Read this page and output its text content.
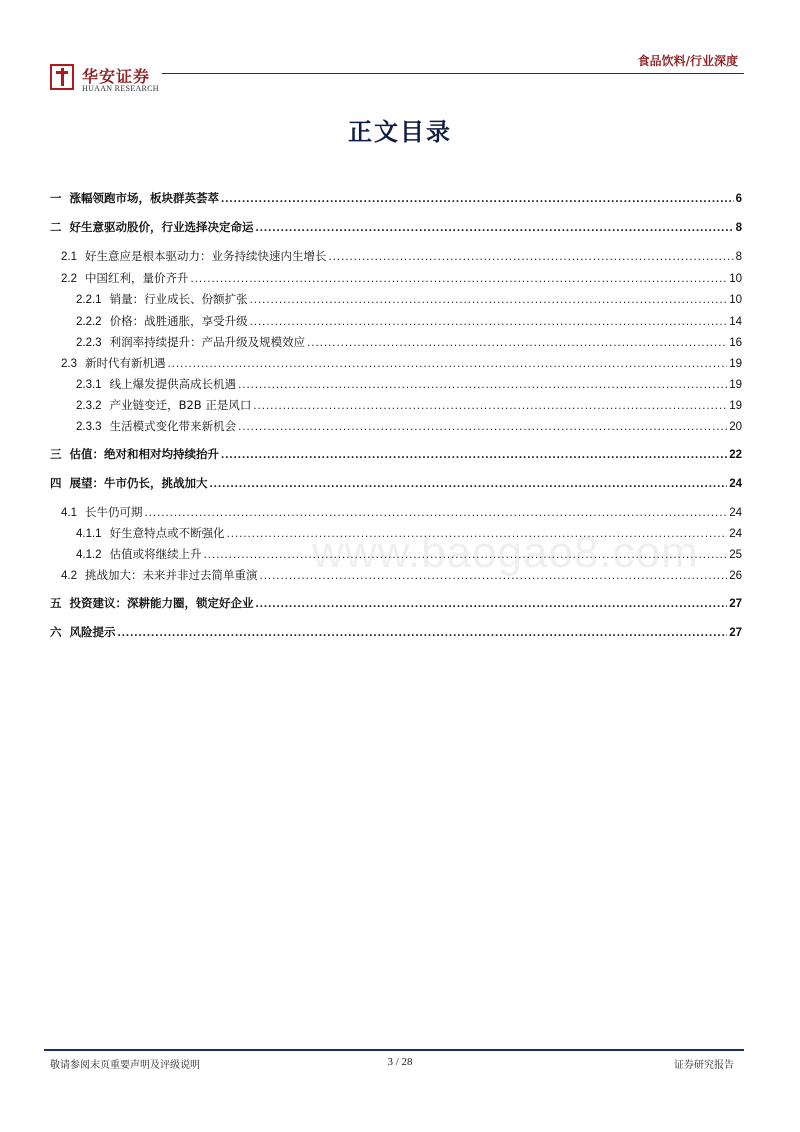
华安证券
HUAAN RESEARCH
食品饮料/行业深度
正文目录
www.baogao8.com
一 涨幅领跑市场，板块群英荟萃 .....	6
二 好生意驱动股价，行业选择决定命运 .....	8
2.1 好生意应是根本驱动力：业务持续快速内生增长 .....	8
2.2 中国红利，量价齐升 .....	10
2.2.1 销量：行业成长、份额扩张 .....	10
2.2.2 价格：战胜通胀，享受升级 .....	14
2.2.3 利润率持续提升：产品升级及规模效应 .....	16
2.3 新时代有新机遇 .....	19
2.3.1 线上爆发提供高成长机遇 .....	19
2.3.2 产业链变迁，B2B 正是风口 .....	19
2.3.3 生活模式变化带来新机会 .....	20
三 估值：绝对和相对均持续抬升 .....	22
四 展望：牛市仍长，挑战加大 .....	24
4.1 长牛仍可期 .....	24
4.1.1 好生意特点或不断强化 .....	24
4.1.2 估值或将继续上升 .....	25
4.2 挑战加大：未来并非过去简单重演 .....	26
五 投资建议：深耕能力圈，锁定好企业 .....	27
六 风险提示 .....	27
敬请参阅末页重要声明及评级说明	3 / 28	证券研究报告
